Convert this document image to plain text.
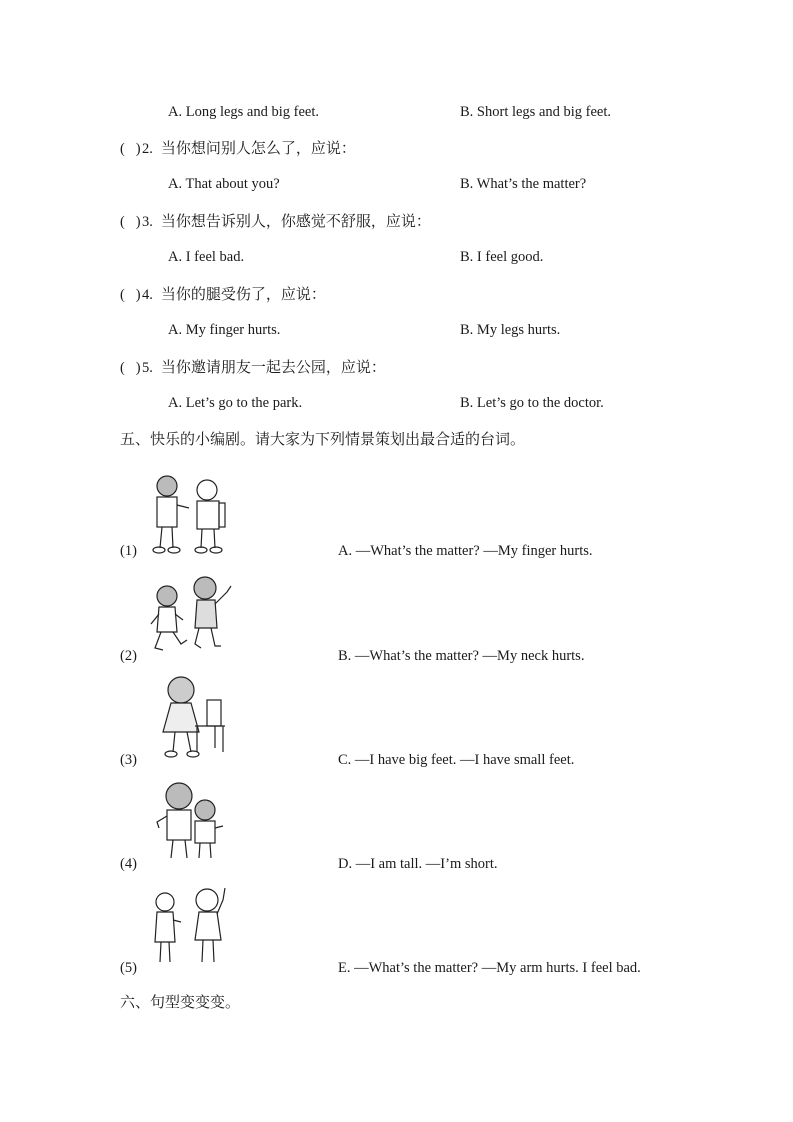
A. Long legs and big feet.	B. Short legs and big feet.
(   )2. 当你想问别人怎么了，应说：
A. That about you?	B. What’s the matter?
(   )3. 当你想告诉别人，你感觉不舒服，应说：
A. I feel bad.	B. I feel good.
(   )4. 当你的腿受伤了，应说：
A. My finger hurts.	B. My legs hurts.
(   )5. 当你邀请朋友一起去公园，应说：
A. Let’s go to the park.	B. Let’s go to the doctor.
五、快乐的小编剧。请大家为下列情景策划出最合适的台词。
(1)	A. —What’s the matter? —My finger hurts.
(2)	B. —What’s the matter? —My neck hurts.
(3)	C. —I have big feet. —I have small feet.
(4)	D. —I am tall. —I’m short.
(5)	E. —What’s the matter? —My arm hurts. I feel bad.
六、句型变变变。
